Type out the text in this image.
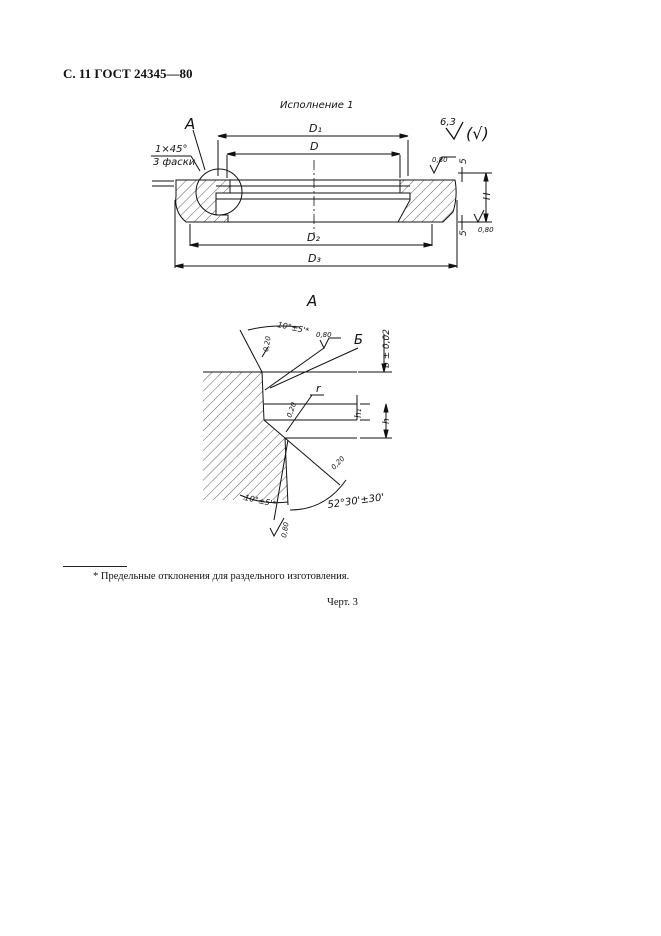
С. 11 ГОСТ 24345—80
Исполнение 1
А
1×45°
3 фаски
D₁
D
D₂
D₃
H
5
5
0,80
0,80
6,3
(√)
А
10°±5'*
0,20
0,80 Б
r
0,20
b ± 0,02
h₁
h
0,20
52°30'±30'
10°±5'*
0,80
* Предельные отклонения для раздельного изготовления.
Черт. 3
